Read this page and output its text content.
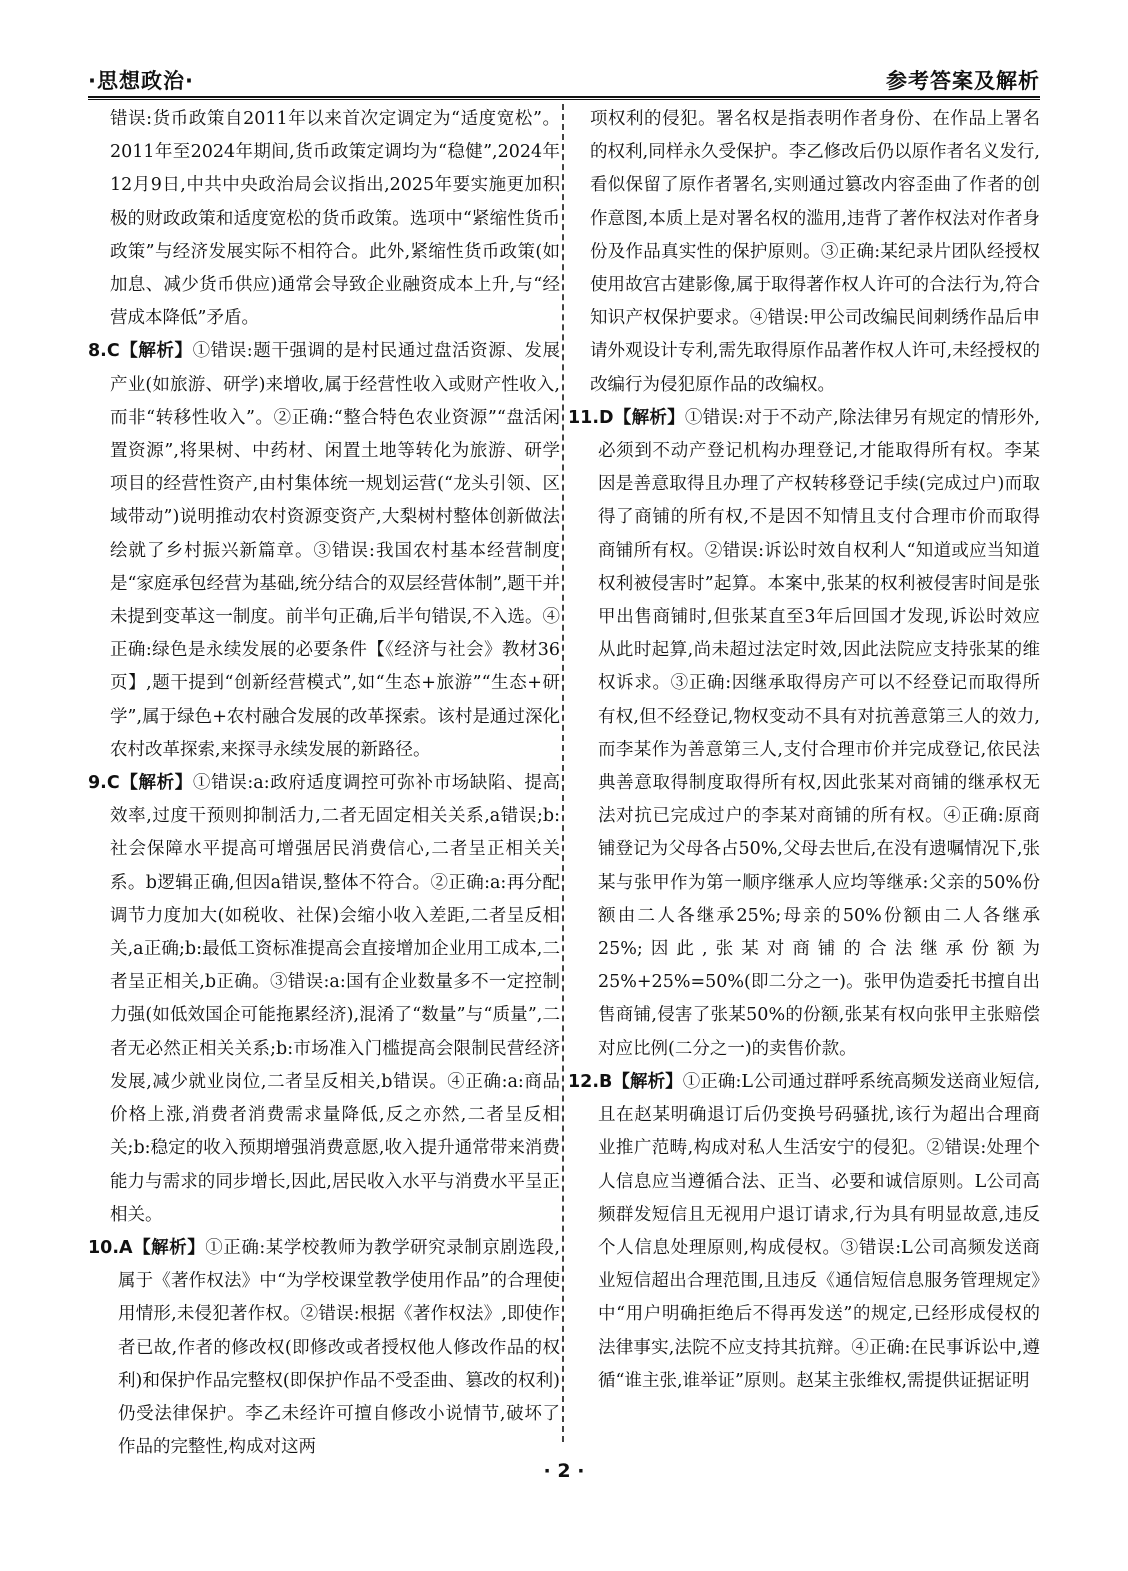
·思想政治·	参考答案及解析

错误:货币政策自2011年以来首次定调定为“适度宽松”。2011年至2024年期间,货币政策定调均为“稳健”,2024年12月9日,中共中央政治局会议指出,2025年要实施更加积极的财政政策和适度宽松的货币政策。选项中“紧缩性货币政策”与经济发展实际不相符合。此外,紧缩性货币政策(如加息、减少货币供应)通常会导致企业融资成本上升,与“经营成本降低”矛盾。

8.C【解析】①错误:题干强调的是村民通过盘活资源、发展产业(如旅游、研学)来增收,属于经营性收入或财产性收入,而非“转移性收入”。②正确:“整合特色农业资源”“盘活闲置资源”,将果树、中药材、闲置土地等转化为旅游、研学项目的经营性资产,由村集体统一规划运营(“龙头引领、区域带动”)说明推动农村资源变资产,大梨树村整体创新做法绘就了乡村振兴新篇章。③错误:我国农村基本经营制度是“家庭承包经营为基础,统分结合的双层经营体制”,题干并未提到变革这一制度。前半句正确,后半句错误,不入选。④正确:绿色是永续发展的必要条件【《经济与社会》教材36页】,题干提到“创新经营模式”,如“生态+旅游”“生态+研学”,属于绿色+农村融合发展的改革探索。该村是通过深化农村改革探索,来探寻永续发展的新路径。

9.C【解析】①错误:a:政府适度调控可弥补市场缺陷、提高效率,过度干预则抑制活力,二者无固定相关关系,a错误;b:社会保障水平提高可增强居民消费信心,二者呈正相关关系。b逻辑正确,但因a错误,整体不符合。②正确:a:再分配调节力度加大(如税收、社保)会缩小收入差距,二者呈反相关,a正确;b:最低工资标准提高会直接增加企业用工成本,二者呈正相关,b正确。③错误:a:国有企业数量多不一定控制力强(如低效国企可能拖累经济),混淆了“数量”与“质量”,二者无必然正相关关系;b:市场准入门槛提高会限制民营经济发展,减少就业岗位,二者呈反相关,b错误。④正确:a:商品价格上涨,消费者消费需求量降低,反之亦然,二者呈反相关;b:稳定的收入预期增强消费意愿,收入提升通常带来消费能力与需求的同步增长,因此,居民收入水平与消费水平呈正相关。

10.A【解析】①正确:某学校教师为教学研究录制京剧选段,属于《著作权法》中“为学校课堂教学使用作品”的合理使用情形,未侵犯著作权。②错误:根据《著作权法》,即使作者已故,作者的修改权(即修改或者授权他人修改作品的权利)和保护作品完整权(即保护作品不受歪曲、篡改的权利)仍受法律保护。李乙未经许可擅自修改小说情节,破坏了作品的完整性,构成对这两

项权利的侵犯。署名权是指表明作者身份、在作品上署名的权利,同样永久受保护。李乙修改后仍以原作者名义发行,看似保留了原作者署名,实则通过篡改内容歪曲了作者的创作意图,本质上是对署名权的滥用,违背了著作权法对作者身份及作品真实性的保护原则。③正确:某纪录片团队经授权使用故宫古建影像,属于取得著作权人许可的合法行为,符合知识产权保护要求。④错误:甲公司改编民间刺绣作品后申请外观设计专利,需先取得原作品著作权人许可,未经授权的改编行为侵犯原作品的改编权。

11.D【解析】①错误:对于不动产,除法律另有规定的情形外,必须到不动产登记机构办理登记,才能取得所有权。李某因是善意取得且办理了产权转移登记手续(完成过户)而取得了商铺的所有权,不是因不知情且支付合理市价而取得商铺所有权。②错误:诉讼时效自权利人“知道或应当知道权利被侵害时”起算。本案中,张某的权利被侵害时间是张甲出售商铺时,但张某直至3年后回国才发现,诉讼时效应从此时起算,尚未超过法定时效,因此法院应支持张某的维权诉求。③正确:因继承取得房产可以不经登记而取得所有权,但不经登记,物权变动不具有对抗善意第三人的效力,而李某作为善意第三人,支付合理市价并完成登记,依民法典善意取得制度取得所有权,因此张某对商铺的继承权无法对抗已完成过户的李某对商铺的所有权。④正确:原商铺登记为父母各占50%,父母去世后,在没有遗嘱情况下,张某与张甲作为第一顺序继承人应均等继承:父亲的50%份额由二人各继承25%;母亲的50%份额由二人各继承25%;因此,张某对商铺的合法继承份额为25%+25%=50%(即二分之一)。张甲伪造委托书擅自出售商铺,侵害了张某50%的份额,张某有权向张甲主张赔偿对应比例(二分之一)的卖售价款。

12.B【解析】①正确:L公司通过群呼系统高频发送商业短信,且在赵某明确退订后仍变换号码骚扰,该行为超出合理商业推广范畴,构成对私人生活安宁的侵犯。②错误:处理个人信息应当遵循合法、正当、必要和诚信原则。L公司高频群发短信且无视用户退订请求,行为具有明显故意,违反个人信息处理原则,构成侵权。③错误:L公司高频发送商业短信超出合理范围,且违反《通信短信息服务管理规定》中“用户明确拒绝后不得再发送”的规定,已经形成侵权的法律事实,法院不应支持其抗辩。④正确:在民事诉讼中,遵循“谁主张,谁举证”原则。赵某主张维权,需提供证据证明

· 2 ·
